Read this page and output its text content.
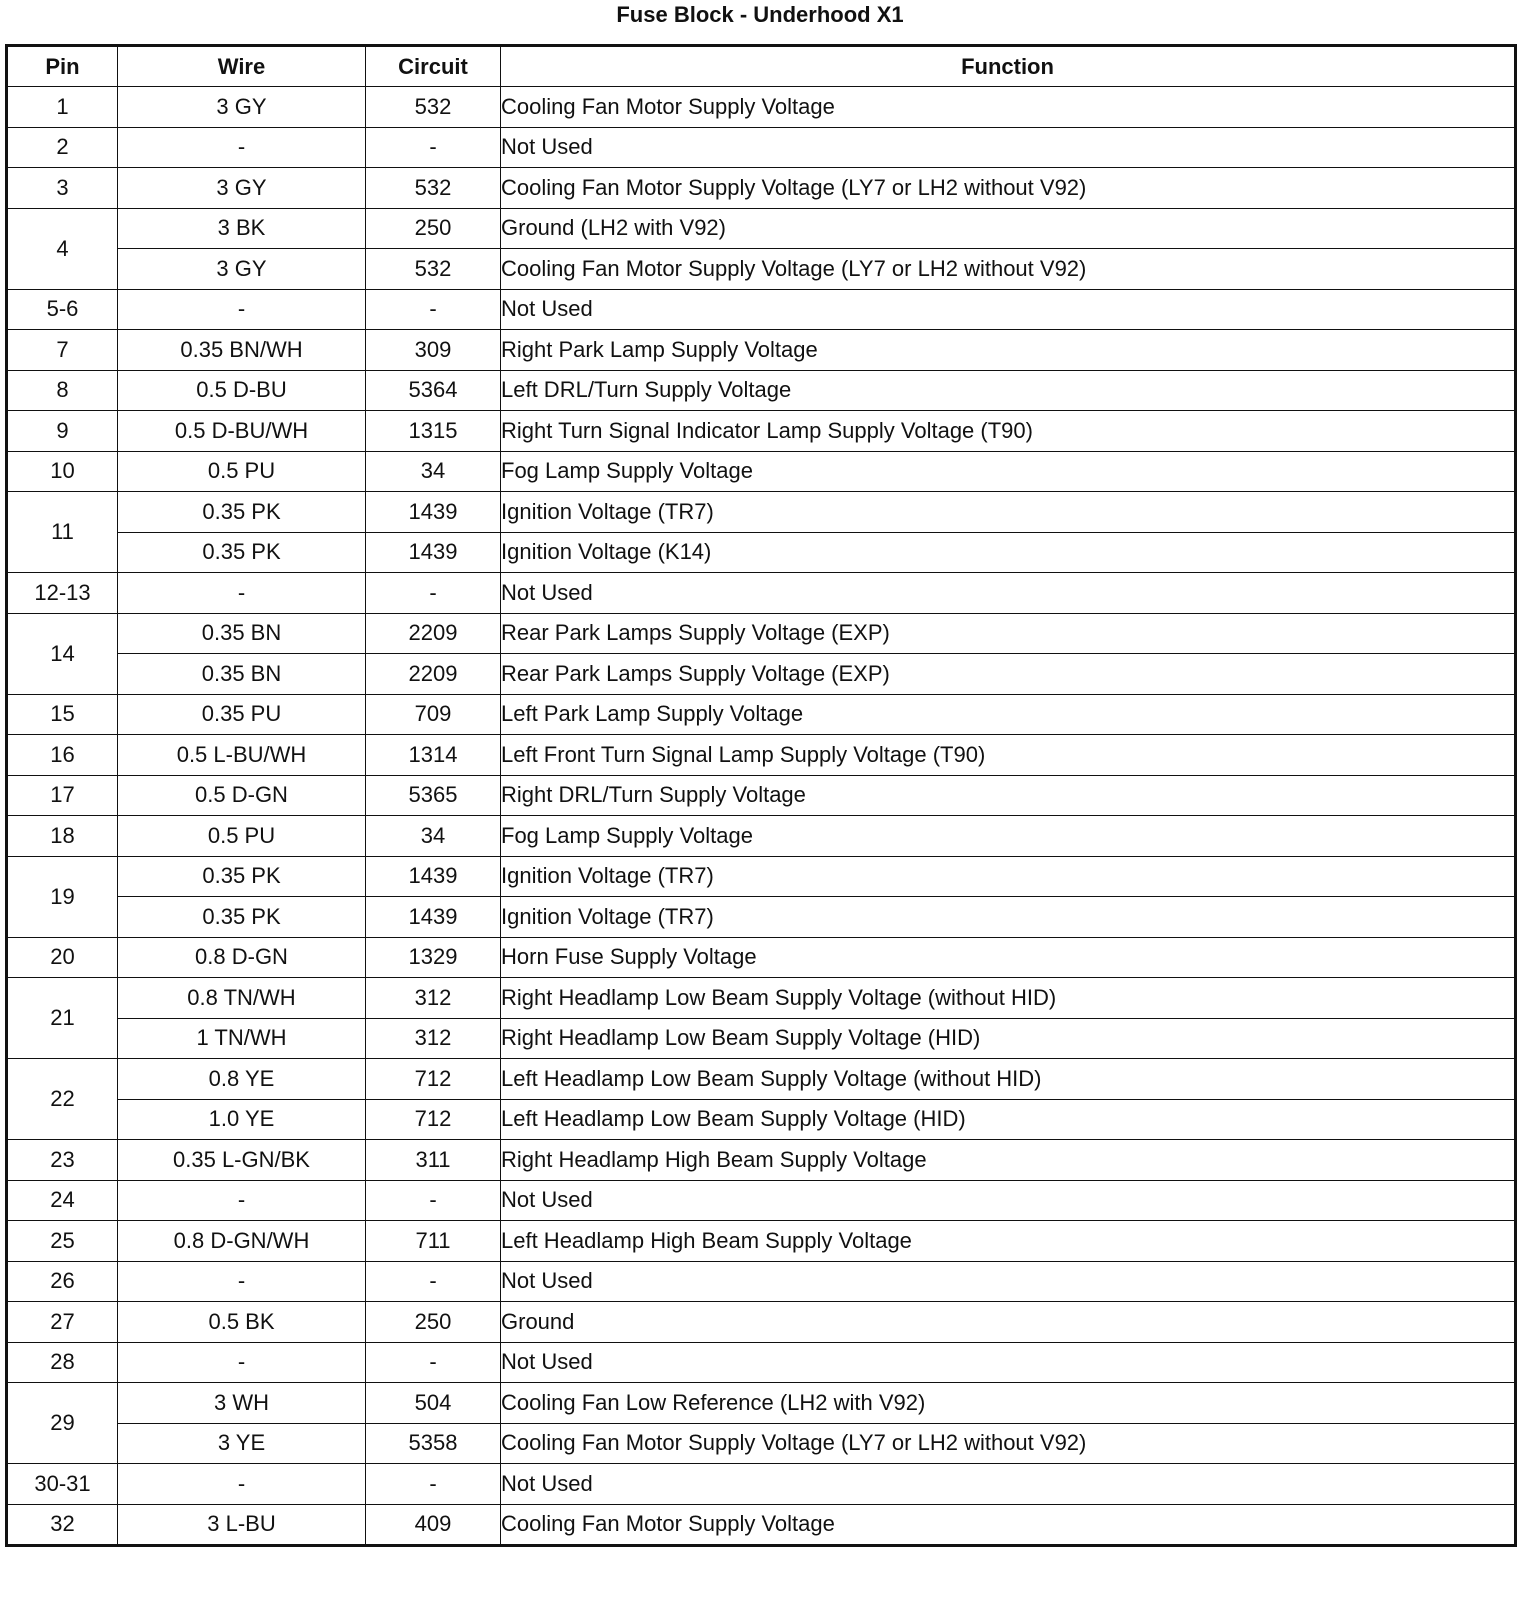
Fuse Block - Underhood X1
Pin	Wire	Circuit	Function
1	3 GY	532	Cooling Fan Motor Supply Voltage
2	-	-	Not Used
3	3 GY	532	Cooling Fan Motor Supply Voltage (LY7 or LH2 without V92)
4	3 BK	250	Ground (LH2 with V92)
	3 GY	532	Cooling Fan Motor Supply Voltage (LY7 or LH2 without V92)
5-6	-	-	Not Used
7	0.35 BN/WH	309	Right Park Lamp Supply Voltage
8	0.5 D-BU	5364	Left DRL/Turn Supply Voltage
9	0.5 D-BU/WH	1315	Right Turn Signal Indicator Lamp Supply Voltage (T90)
10	0.5 PU	34	Fog Lamp Supply Voltage
11	0.35 PK	1439	Ignition Voltage (TR7)
	0.35 PK	1439	Ignition Voltage (K14)
12-13	-	-	Not Used
14	0.35 BN	2209	Rear Park Lamps Supply Voltage (EXP)
	0.35 BN	2209	Rear Park Lamps Supply Voltage (EXP)
15	0.35 PU	709	Left Park Lamp Supply Voltage
16	0.5 L-BU/WH	1314	Left Front Turn Signal Lamp Supply Voltage (T90)
17	0.5 D-GN	5365	Right DRL/Turn Supply Voltage
18	0.5 PU	34	Fog Lamp Supply Voltage
19	0.35 PK	1439	Ignition Voltage (TR7)
	0.35 PK	1439	Ignition Voltage (TR7)
20	0.8 D-GN	1329	Horn Fuse Supply Voltage
21	0.8 TN/WH	312	Right Headlamp Low Beam Supply Voltage (without HID)
	1 TN/WH	312	Right Headlamp Low Beam Supply Voltage (HID)
22	0.8 YE	712	Left Headlamp Low Beam Supply Voltage (without HID)
	1.0 YE	712	Left Headlamp Low Beam Supply Voltage (HID)
23	0.35 L-GN/BK	311	Right Headlamp High Beam Supply Voltage
24	-	-	Not Used
25	0.8 D-GN/WH	711	Left Headlamp High Beam Supply Voltage
26	-	-	Not Used
27	0.5 BK	250	Ground
28	-	-	Not Used
29	3 WH	504	Cooling Fan Low Reference (LH2 with V92)
	3 YE	5358	Cooling Fan Motor Supply Voltage (LY7 or LH2 without V92)
30-31	-	-	Not Used
32	3 L-BU	409	Cooling Fan Motor Supply Voltage
